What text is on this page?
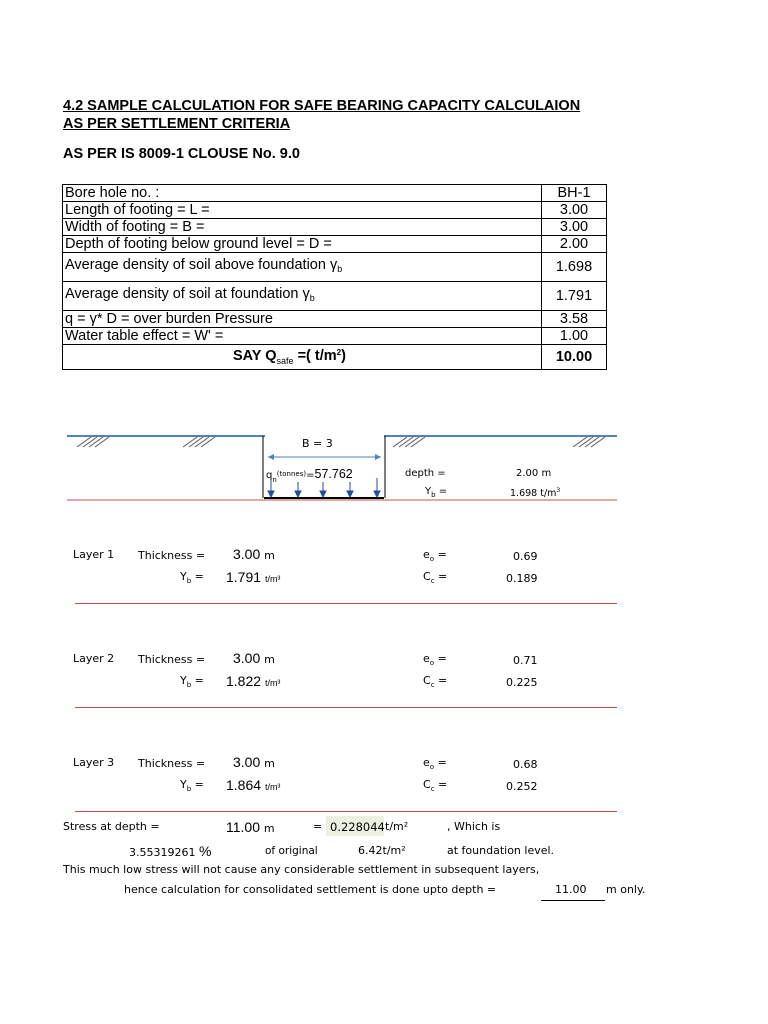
4.2 SAMPLE CALCULATION FOR SAFE BEARING CAPACITY CALCULAION
AS PER SETTLEMENT CRITERIA
AS PER IS 8009-1 CLOUSE No. 9.0
Bore hole no. :	BH-1
Length of footing = L =	3.00
Width of footing = B =	3.00
Depth of footing below ground level = D =	2.00
Average density of soil above foundation $\gamma_b$	1.698
Average density of soil at foundation $\gamma_b$	1.791
q = γ* D = over burden Pressure	3.58
Water table effect = W' =	1.00
SAY $Q_{safe}$ =( $t/m^2$)	10.00
B = 3
$q_n(tonnes)=57.762$	depth =	2.00 m
$Y_b$ =	1.698 $t/m^3$
Layer 1 Thickness = 3.00 m
$Y_b = 1.791$ t/m³
$e_o$ =	0.69
$C_c$ =	0.189
Layer 2 Thickness = 3.00 m
$Y_b = 1.822$ t/m³
$e_o$ =	0.71
$C_c$ =	0.225
Layer 3 Thickness = 3.00 m
$Y_b = 1.864$ t/m³
$e_o$ =	0.68
$C_c$ =	0.252
Stress at depth =	11.00 m	= 0.228044 t/m²	, Which is
3.55319261 %	of original	6.42t/m²	at foundation level.
This much low stress will not cause any considerable settlement in subsequent layers,
hence calculation for consolidated settlement is done upto depth =	11.00 m only.
